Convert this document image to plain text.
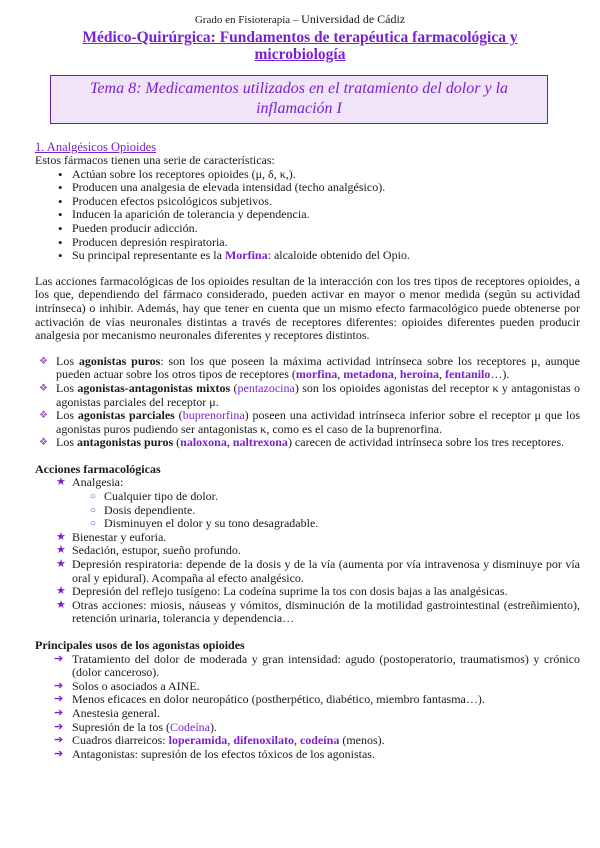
Grado en Fisioterapia – Universidad de Cádiz
Médico-Quirúrgica: Fundamentos de terapéutica farmacológica y microbiología
Tema 8: Medicamentos utilizados en el tratamiento del dolor y la inflamación I
1. Analgésicos Opioides
Estos fármacos tienen una serie de características:
• Actúan sobre los receptores opioides (μ, δ, κ,).
• Producen una analgesia de elevada intensidad (techo analgésico).
• Producen efectos psicológicos subjetivos.
• Inducen la aparición de tolerancia y dependencia.
• Pueden producir adicción.
• Producen depresión respiratoria.
• Su principal representante es la Morfina: alcaloide obtenido del Opio.
Las acciones farmacológicas de los opioides resultan de la interacción con los tres tipos de receptores opioides, a los que, dependiendo del fármaco considerado, pueden activar en mayor o menor medida (según su actividad intrínseca) o inhibir. Además, hay que tener en cuenta que un mismo efecto farmacológico puede obtenerse por activación de vías neuronales distintas a través de receptores diferentes: opioides diferentes pueden producir analgesia por mecanismo neuronales diferentes y receptores distintos.
❖ Los agonistas puros: son los que poseen la máxima actividad intrínseca sobre los receptores μ, aunque pueden actuar sobre los otros tipos de receptores (morfina, metadona, heroína, fentanilo…).
❖ Los agonistas-antagonistas mixtos (pentazocina) son los opioides agonistas del receptor κ y antagonistas o agonistas parciales del receptor μ.
❖ Los agonistas parciales (buprenorfina) poseen una actividad intrínseca inferior sobre el receptor μ que los agonistas puros pudiendo ser antagonistas κ, como es el caso de la buprenorfina.
❖ Los antagonistas puros (naloxona, naltrexona) carecen de actividad intrínseca sobre los tres receptores.
Acciones farmacológicas
★ Analgesia:
○ Cualquier tipo de dolor.
○ Dosis dependiente.
○ Disminuyen el dolor y su tono desagradable.
★ Bienestar y euforia.
★ Sedación, estupor, sueño profundo.
★ Depresión respiratoria: depende de la dosis y de la vía (aumenta por vía intravenosa y disminuye por vía oral y epidural). Acompaña al efecto analgésico.
★ Depresión del reflejo tusígeno: La codeína suprime la tos con dosis bajas a las analgésicas.
★ Otras acciones: miosis, náuseas y vómitos, disminución de la motilidad gastrointestinal (estreñimiento), retención urinaria, tolerancia y dependencia…
Principales usos de los agonistas opioides
➔ Tratamiento del dolor de moderada y gran intensidad: agudo (postoperatorio, traumatismos) y crónico (dolor canceroso).
➔ Solos o asociados a AINE.
➔ Menos eficaces en dolor neuropático (postherpético, diabético, miembro fantasma…).
➔ Anestesia general.
➔ Supresión de la tos (Codeína).
➔ Cuadros diarreicos: loperamida, difenoxilato, codeína (menos).
➔ Antagonistas: supresión de los efectos tóxicos de los agonistas.
